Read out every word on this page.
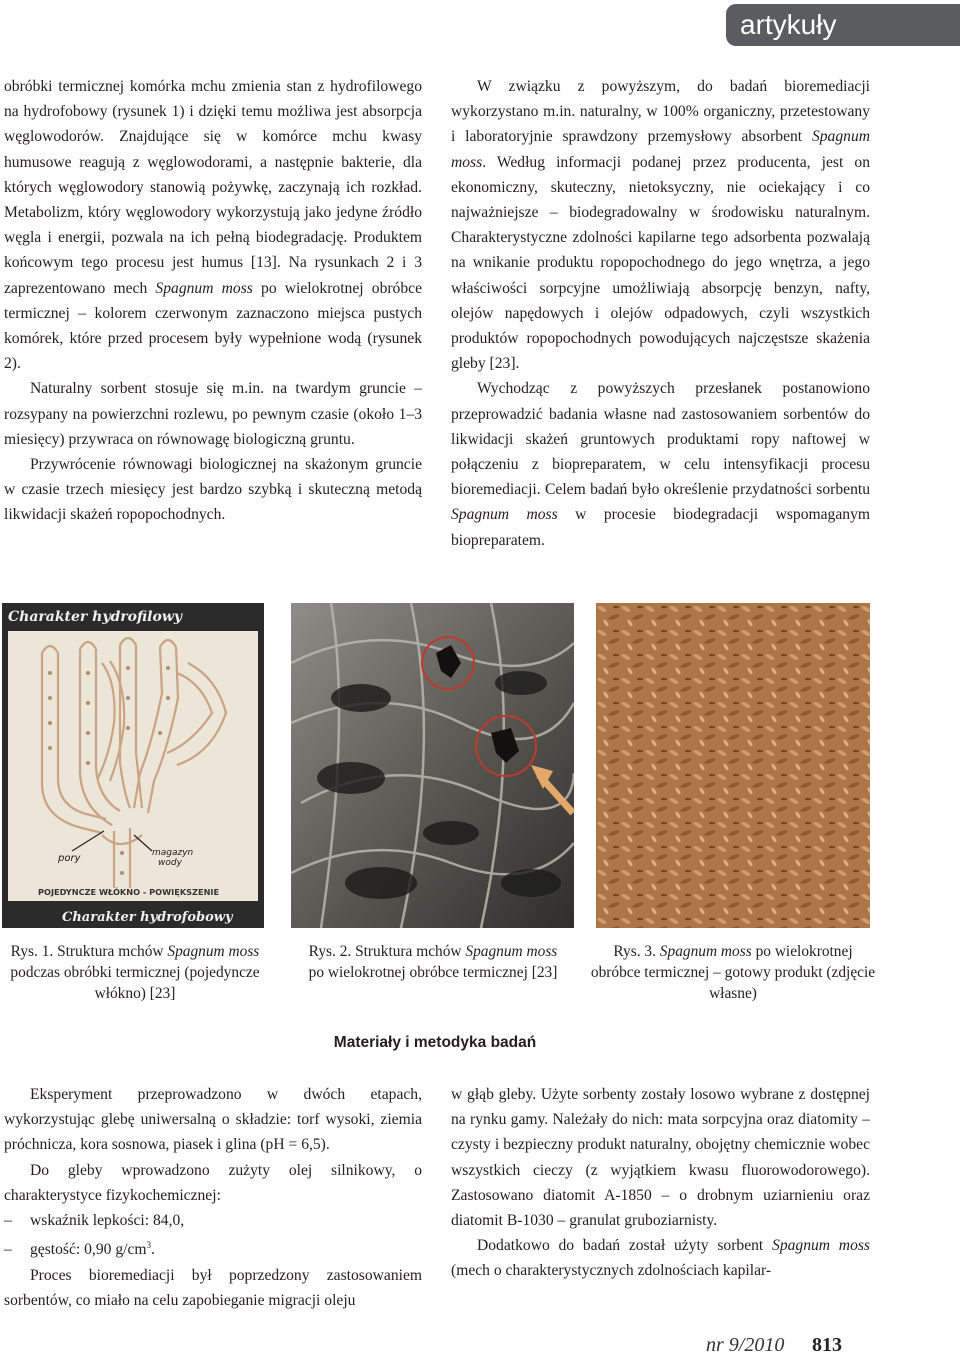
artykuły

obróbki termicznej komórka mchu zmienia stan z hydrofilowego na hydrofobowy (rysunek 1) i dzięki temu możliwa jest absorpcja węglowodorów. Znajdujące się w komórce mchu kwasy humusowe reagują z węglowodorami, a następnie bakterie, dla których węglowodory stanowią pożywkę, zaczynają ich rozkład. Metabolizm, który węglowodory wykorzystują jako jedyne źródło węgla i energii, pozwala na ich pełną biodegradację. Produktem końcowym tego procesu jest humus [13]. Na rysunkach 2 i 3 zaprezentowano mech Spagnum moss po wielokrotnej obróbce termicznej – kolorem czerwonym zaznaczono miejsca pustych komórek, które przed procesem były wypełnione wodą (rysunek 2).

Naturalny sorbent stosuje się m.in. na twardym gruncie – rozsypany na powierzchni rozlewu, po pewnym czasie (około 1–3 miesięcy) przywraca on równowagę biologiczną gruntu.

Przywrócenie równowagi biologicznej na skażonym gruncie w czasie trzech miesięcy jest bardzo szybką i skuteczną metodą likwidacji skażeń ropopochodnych.

W związku z powyższym, do badań bioremediacji wykorzystano m.in. naturalny, w 100% organiczny, przetestowany i laboratoryjnie sprawdzony przemysłowy absorbent Spagnum moss. Według informacji podanej przez producenta, jest on ekonomiczny, skuteczny, nietoksyczny, nie ociekający i co najważniejsze – biodegradowalny w środowisku naturalnym. Charakterystyczne zdolności kapilarne tego adsorbenta pozwalają na wnikanie produktu ropopochodnego do jego wnętrza, a jego właściwości sorpcyjne umożliwiają absorpcję benzyn, nafty, olejów napędowych i olejów odpadowych, czyli wszystkich produktów ropopochodnych powodujących najczęstsze skażenia gleby [23].

Wychodząc z powyższych przesłanek postanowiono przeprowadzić badania własne nad zastosowaniem sorbentów do likwidacji skażeń gruntowych produktami ropy naftowej w połączeniu z biopreparatem, w celu intensyfikacji procesu bioremediacji. Celem badań było określenie przydatności sorbentu Spagnum moss w procesie biodegradacji wspomaganym biopreparatem.

Charakter hydrofilowy
pory	magazyn
wody
POJEDYNCZE WŁÓKNO - POWIĘKSZENIE
Charakter hydrofobowy
Rys. 1. Struktura mchów Spagnum moss podczas obróbki termicznej (pojedyncze włókno) [23]
Rys. 2. Struktura mchów Spagnum moss po wielokrotnej obróbce termicznej [23]
Rys. 3. Spagnum moss po wielokrotnej obróbce termicznej – gotowy produkt (zdjęcie własne)
Materiały i metodyka badań

Eksperyment przeprowadzono w dwóch etapach, wykorzystując glebę uniwersalną o składzie: torf wysoki, ziemia próchnicza, kora sosnowa, piasek i glina (pH = 6,5).

Do gleby wprowadzono zużyty olej silnikowy, o charakterystyce fizykochemicznej:

– wskaźnik lepkości: 84,0,

– gęstość: 0,90 $g/cm^3$.

Proces bioremediacji był poprzedzony zastosowaniem sorbentów, co miało na celu zapobieganie migracji oleju

w głąb gleby. Użyte sorbenty zostały losowo wybrane z dostępnej na rynku gamy. Należały do nich: mata sorpcyjna oraz diatomity – czysty i bezpieczny produkt naturalny, obojętny chemicznie wobec wszystkich cieczy (z wyjątkiem kwasu fluorowodorowego). Zastosowano diatomit A-1850 – o drobnym uziarnieniu oraz diatomit B-1030 – granulat gruboziarnisty.

Dodatkowo do badań został użyty sorbent Spagnum moss (mech o charakterystycznych zdolnościach kapilar-

nr 9/2010 813
